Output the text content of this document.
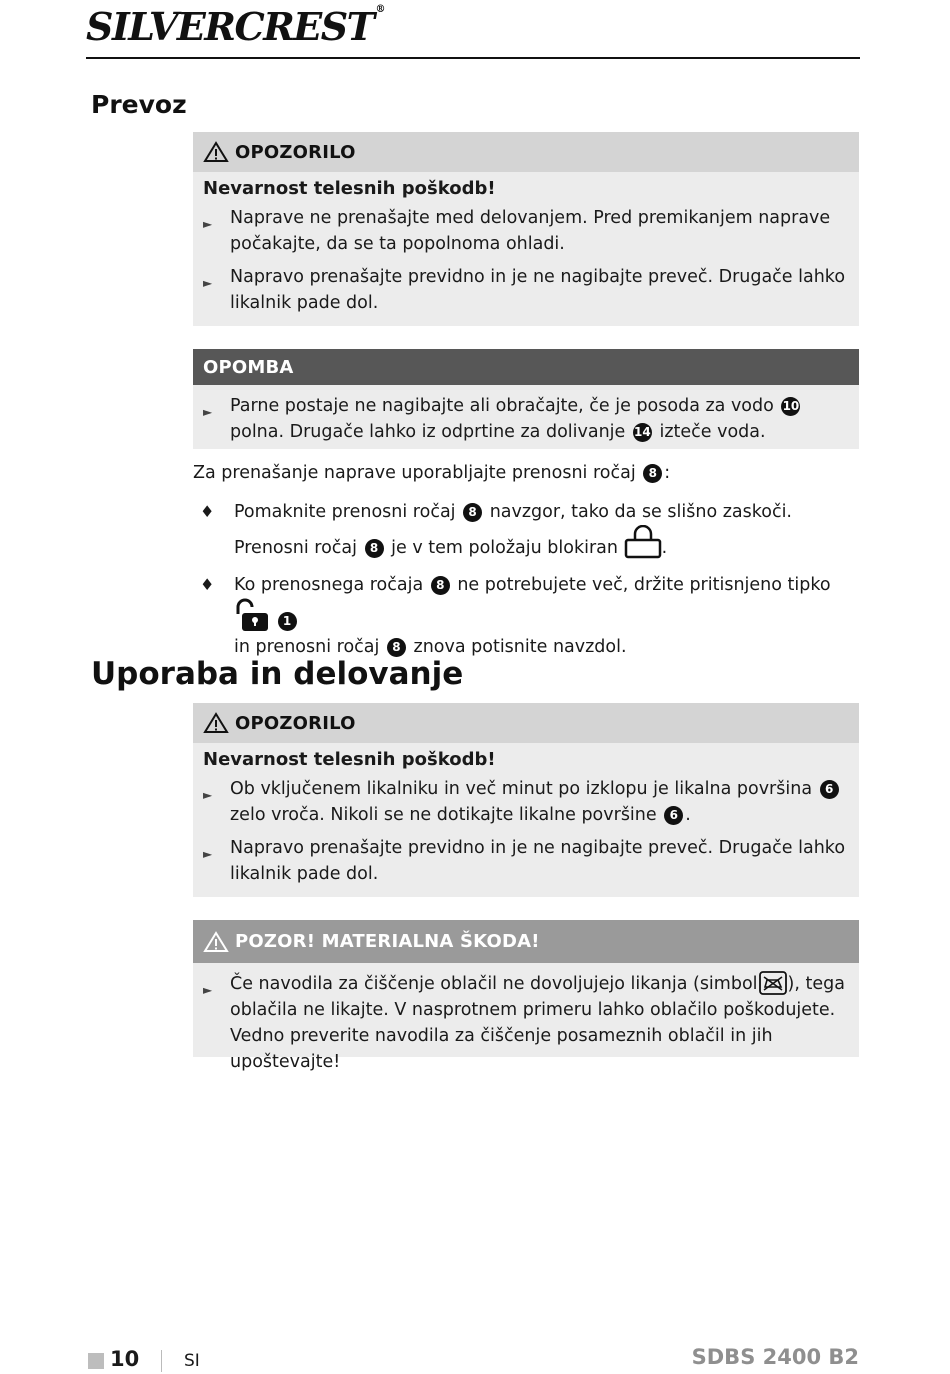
SILVERCREST ®
Prevoz
OPOZORILO
Nevarnost telesnih poškodb!
► Naprave ne prenašajte med delovanjem. Pred premikanjem naprave počakajte, da se ta popolnoma ohladi.
► Napravo prenašajte previdno in je ne nagibajte preveč. Drugače lahko likalnik pade dol.
OPOMBA
► Parne postaje ne nagibajte ali obračajte, če je posoda za vodo 10 polna. Drugače lahko iz odprtine za dolivanje 14 izteče voda.
Za prenašanje naprave uporabljajte prenosni ročaj 8 :
♦ Pomaknite prenosni ročaj 8 navzgor, tako da se slišno zaskoči.
Prenosni ročaj 8 je v tem položaju blokiran .
♦ Ko prenosnega ročaja 8 ne potrebujete več, držite pritisnjeno tipko  1
in prenosni ročaj 8 znova potisnite navzdol.
Uporaba in delovanje
OPOZORILO
Nevarnost telesnih poškodb!
► Ob vključenem likalniku in več minut po izklopu je likalna površina 6 zelo vroča. Nikoli se ne dotikajte likalne površine 6 .
► Napravo prenašajte previdno in je ne nagibajte preveč. Drugače lahko likalnik pade dol.
POZOR! MATERIALNA ŠKODA!
► Če navodila za čiščenje oblačil ne dovoljujejo likanja (simbol ), tega oblačila ne likajte. V nasprotnem primeru lahko oblačilo poškodujete. Vedno preverite navodila za čiščenje posameznih oblačil in jih upoštevajte!
10	SI	SDBS 2400 B2
